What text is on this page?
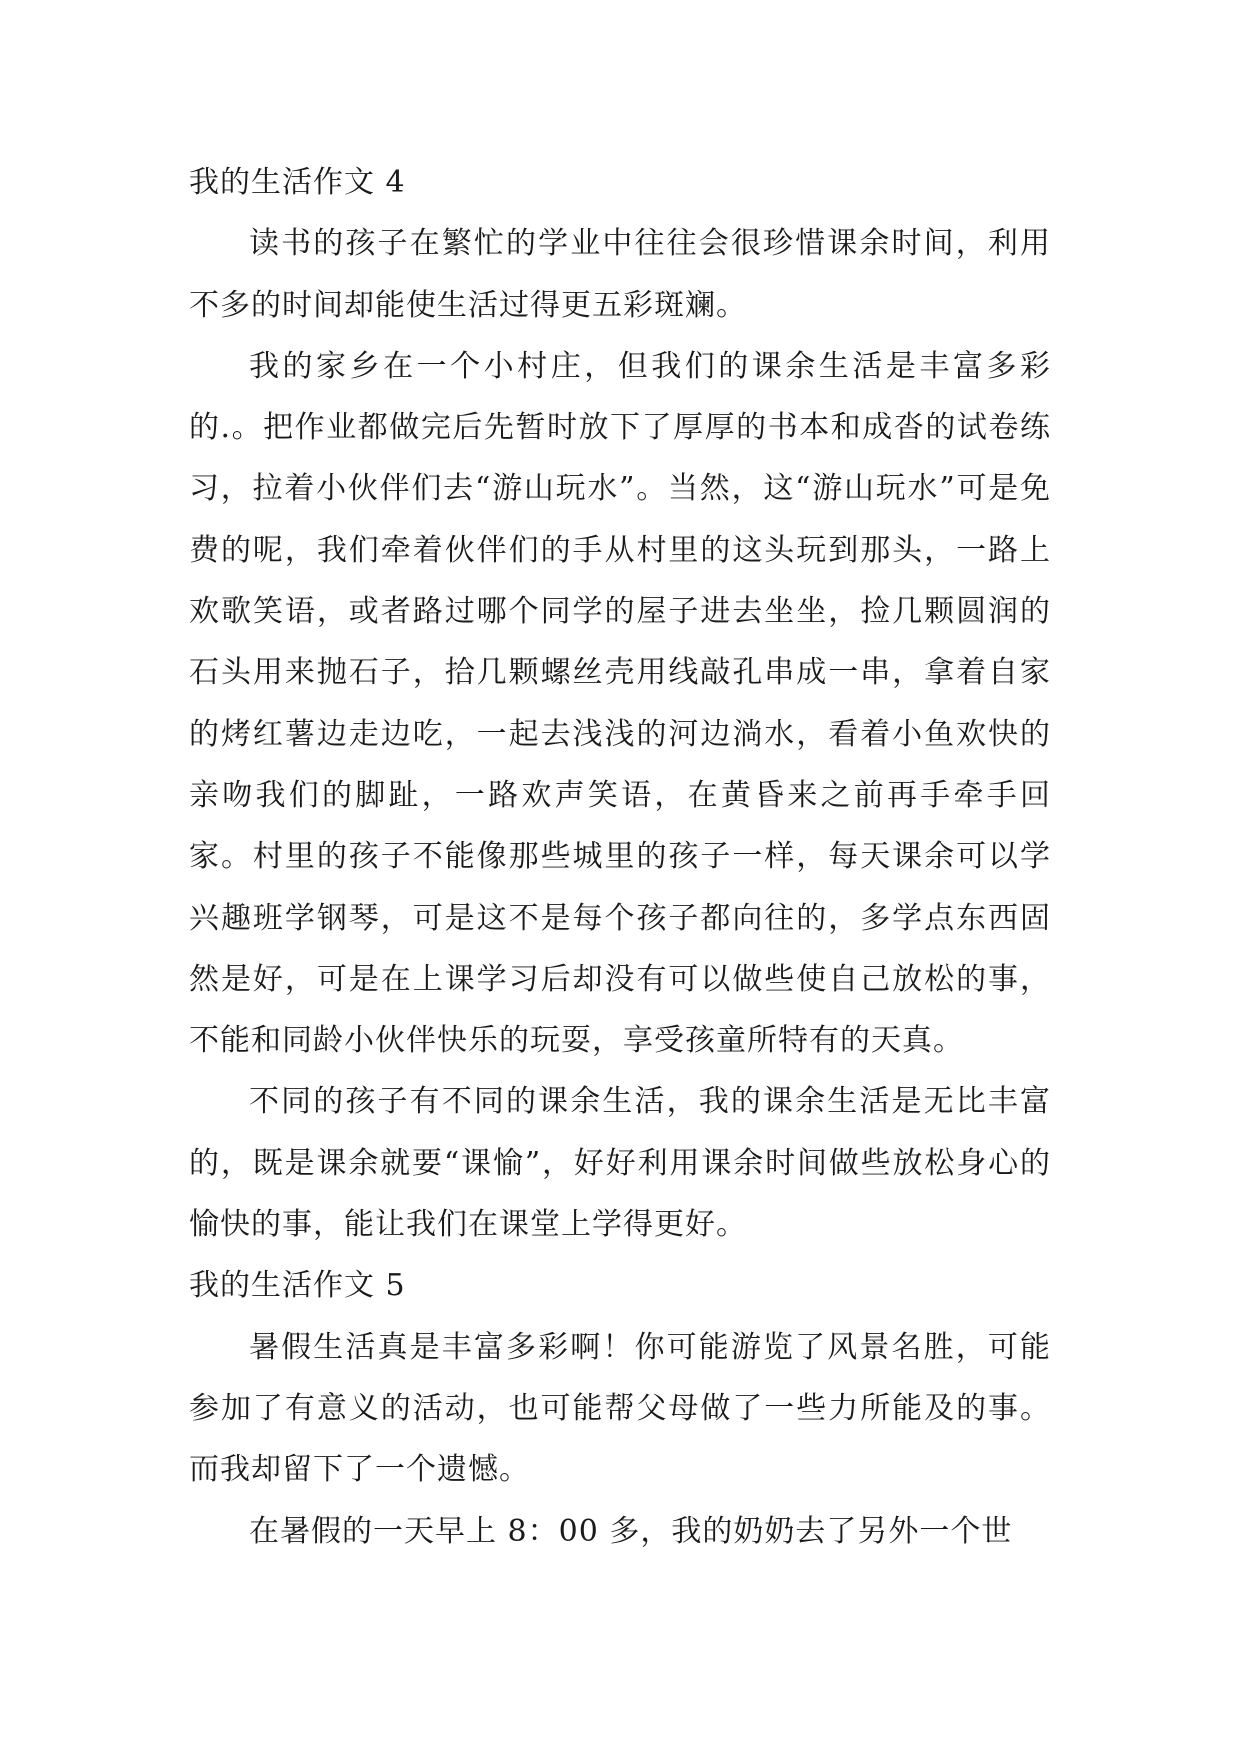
我的生活作文 4

读书的孩子在繁忙的学业中往往会很珍惜课余时间，利用不多的时间却能使生活过得更五彩斑斓。

我的家乡在一个小村庄，但我们的课余生活是丰富多彩的.。把作业都做完后先暂时放下了厚厚的书本和成沓的试卷练习，拉着小伙伴们去“游山玩水”。当然，这“游山玩水”可是免费的呢，我们牵着伙伴们的手从村里的这头玩到那头，一路上欢歌笑语，或者路过哪个同学的屋子进去坐坐，捡几颗圆润的石头用来抛石子，拾几颗螺丝壳用线敲孔串成一串，拿着自家的烤红薯边走边吃，一起去浅浅的河边淌水，看着小鱼欢快的亲吻我们的脚趾，一路欢声笑语，在黄昏来之前再手牵手回家。村里的孩子不能像那些城里的孩子一样，每天课余可以学兴趣班学钢琴，可是这不是每个孩子都向往的，多学点东西固然是好，可是在上课学习后却没有可以做些使自己放松的事，不能和同龄小伙伴快乐的玩耍，享受孩童所特有的天真。

不同的孩子有不同的课余生活，我的课余生活是无比丰富的，既是课余就要“课愉”，好好利用课余时间做些放松身心的愉快的事，能让我们在课堂上学得更好。

我的生活作文 5

暑假生活真是丰富多彩啊！你可能游览了风景名胜，可能参加了有意义的活动，也可能帮父母做了一些力所能及的事。而我却留下了一个遗憾。

在暑假的一天早上 8：00 多，我的奶奶去了另外一个世
